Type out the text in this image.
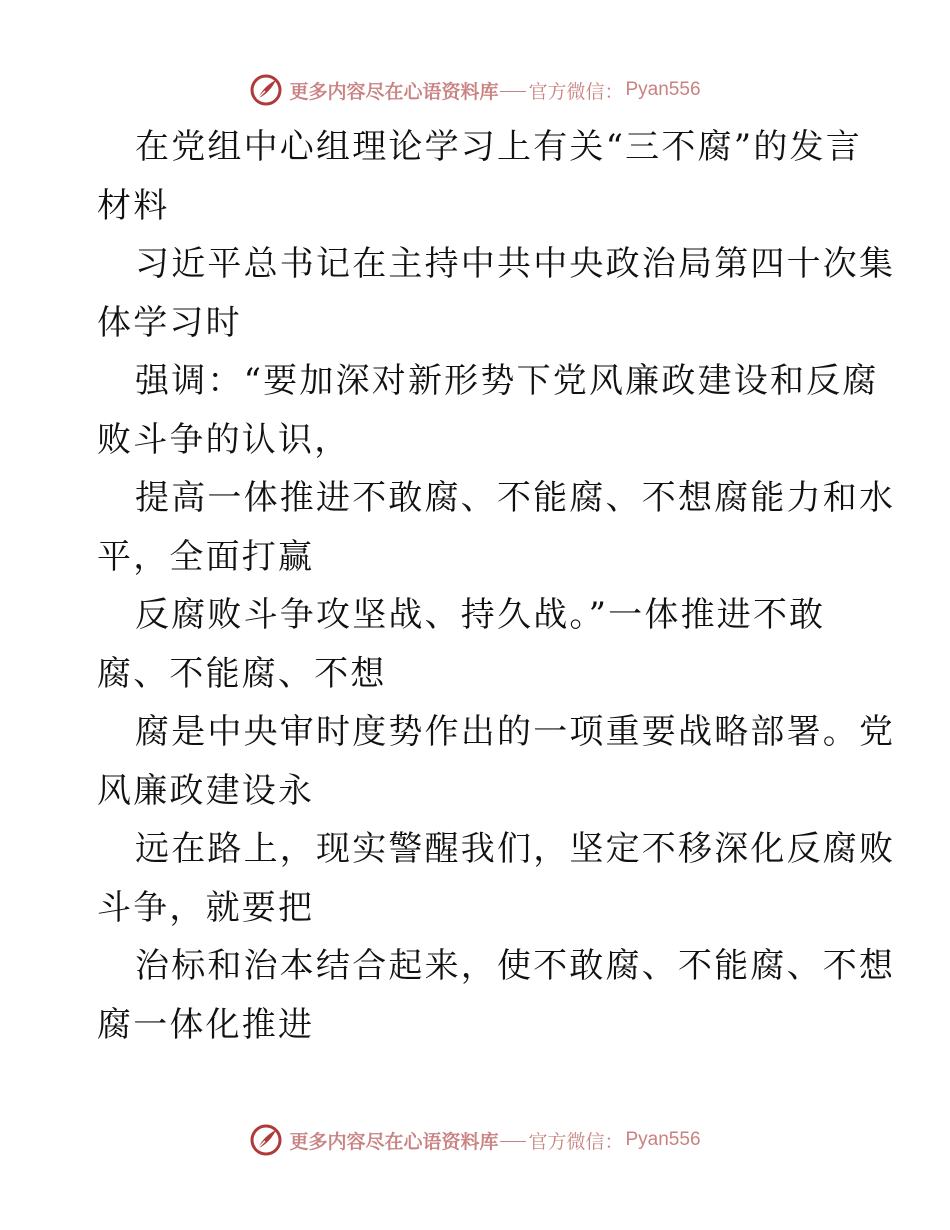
更多内容尽在心语资料库 官方微信： Pyan556

在党组中心组理论学习上有关“三不腐”的发言
材料

习近平总书记在主持中共中央政治局第四十次集
体学习时

强调：“要加深对新形势下党风廉政建设和反腐
败斗争的认识，

提高一体推进不敢腐、不能腐、不想腐能力和水
平，全面打赢

反腐败斗争攻坚战、持久战。”一体推进不敢
腐、不能腐、不想

腐是中央审时度势作出的一项重要战略部署。党
风廉政建设永

远在路上，现实警醒我们，坚定不移深化反腐败
斗争，就要把

治标和治本结合起来，使不敢腐、不能腐、不想
腐一体化推进

更多内容尽在心语资料库 官方微信： Pyan556
